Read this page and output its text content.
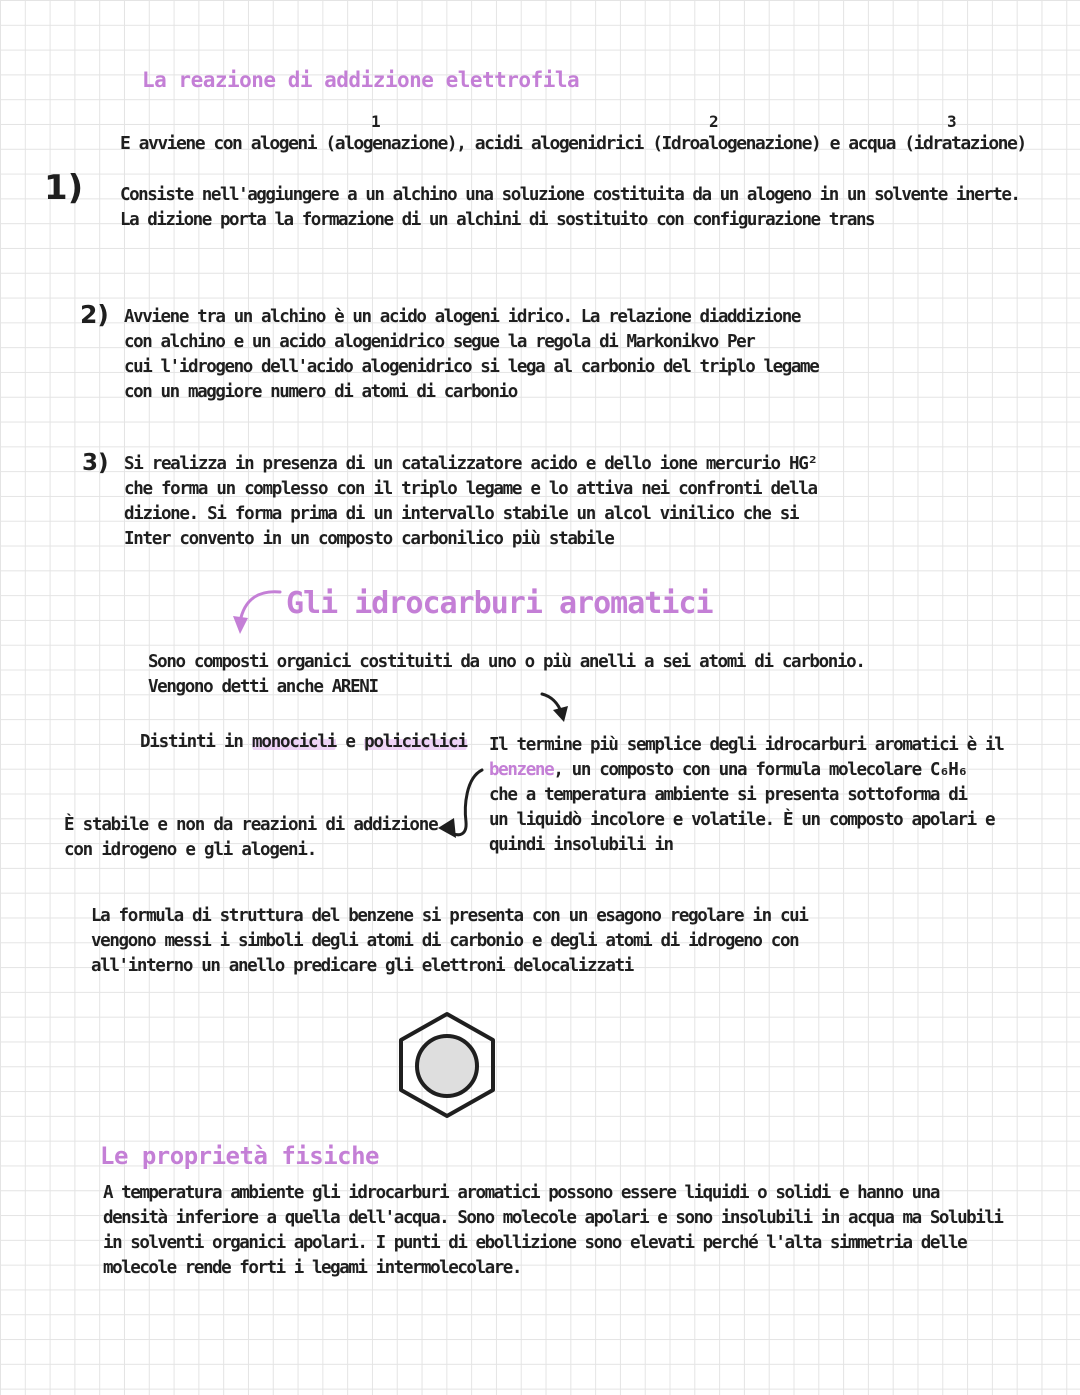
La reazione di addizione elettrofila
1	2	3
E avviene con alogeni (alogenazione), acidi alogenidrici (Idroalogenazione) e acqua (idratazione)
1) Consiste nell'aggiungere a un alchino una soluzione costituita da un alogeno in un solvente inerte.
La dizione porta la formazione di un alchini di sostituito con configurazione trans
2) Avviene tra un alchino è un acido alogeni idrico. La relazione diaddizione
con alchino e un acido alogenidrico segue la regola di Markonikvo Per
cui l'idrogeno dell'acido alogenidrico si lega al carbonio del triplo legame
con un maggiore numero di atomi di carbonio
3) Si realizza in presenza di un catalizzatore acido e dello ione mercurio HG²
che forma un complesso con il triplo legame e lo attiva nei confronti della
dizione. Si forma prima di un intervallo stabile un alcol vinilico che si
Inter convento in un composto carbonilico più stabile
Gli idrocarburi aromatici
Sono composti organici costituiti da uno o più anelli a sei atomi di carbonio.
Vengono detti anche ARENI
Distinti in monocicli e policiclici Il termine più semplice degli idrocarburi aromatici è il
benzene, un composto con una formula molecolare C₆H₆
che a temperatura ambiente si presenta sottoforma di
un liquidò incolore e volatile. È un composto apolari e
quindi insolubili in
È stabile e non da reazioni di addizione
con idrogeno e gli alogeni.
La formula di struttura del benzene si presenta con un esagono regolare in cui
vengono messi i simboli degli atomi di carbonio e degli atomi di idrogeno con
all'interno un anello predicare gli elettroni delocalizzati
Le proprietà fisiche
A temperatura ambiente gli idrocarburi aromatici possono essere liquidi o solidi e hanno una
densità inferiore a quella dell'acqua. Sono molecole apolari e sono insolubili in acqua ma Solubili
in solventi organici apolari. I punti di ebollizione sono elevati perché l'alta simmetria delle
molecole rende forti i legami intermolecolare.
